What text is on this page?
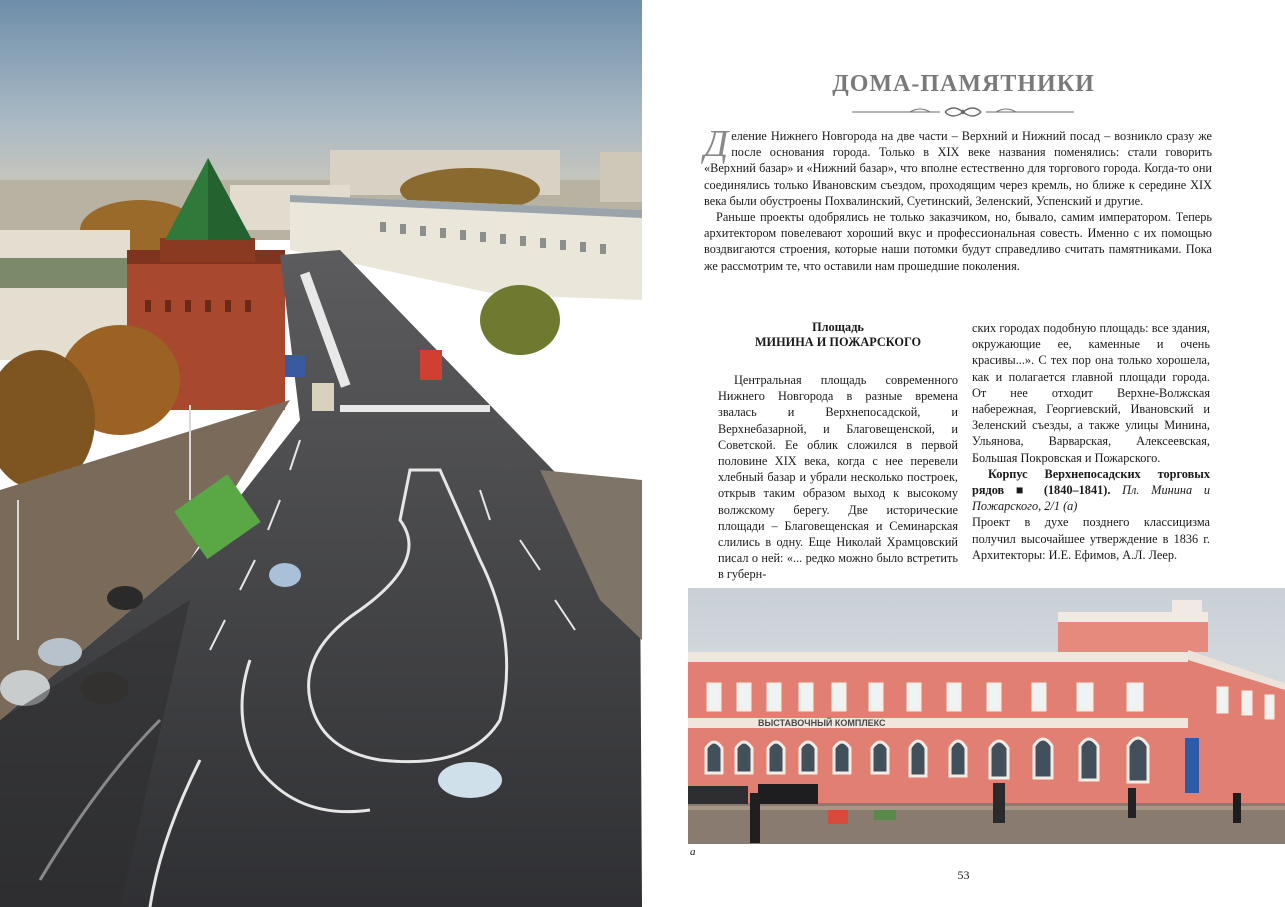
ДОМА-ПАМЯТНИКИ

Деление Нижнего Новгорода на две части – Верхний и Нижний посад – возникло сразу же после основания города. Только в XIX веке названия поменялись: стали говорить «Верхний базар» и «Нижний базар», что вполне естественно для торгового города. Когда-то они соединялись только Ивановским съездом, проходящим через кремль, но ближе к середине XIX века были обустроены Похвалинский, Суетинский, Зеленский, Успенский и другие.

Раньше проекты одобрялись не только заказчиком, но, бывало, самим императором. Теперь архитектором повелевают хороший вкус и профессиональная совесть. Именно с их помощью воздвигаются строения, которые наши потомки будут справедливо считать памятниками. Пока же рассмотрим те, что оставили нам прошедшие поколения.

Площадь
МИНИНА И ПОЖАРСКОГО

Центральная площадь современного Нижнего Новгорода в разные времена звалась и Верхнепосадской, и Верхнебазарной, и Благовещенской, и Советской. Ее облик сложился в первой половине XIX века, когда с нее перевели хлебный базар и убрали несколько построек, открыв таким образом выход к высокому волжскому берегу. Две исторические площади – Благовещенская и Семинарская слились в одну. Еще Николай Храмцовский писал о ней: «... редко можно было встретить в губерн-

ских городах подобную площадь: все здания, окружающие ее, каменные и очень красивы...». С тех пор она только хорошела, как и полагается главной площади города. От нее отходит Верхне-Волжская набережная, Георгиевский, Ивановский и Зеленский съезды, а также улицы Минина, Ульянова, Варварская, Алексеевская, Большая Покровская и Пожарского.

Корпус Верхнепосадских торговых рядов ■ (1840–1841). Пл. Минина и Пожарского, 2/1 (а)

Проект в духе позднего классицизма получил высочайшее утверждение в 1836 г. Архитекторы: И.Е. Ефимов, А.Л. Леер.

ВЫСТАВОЧНЫЙ КОМПЛЕКС
а
53
